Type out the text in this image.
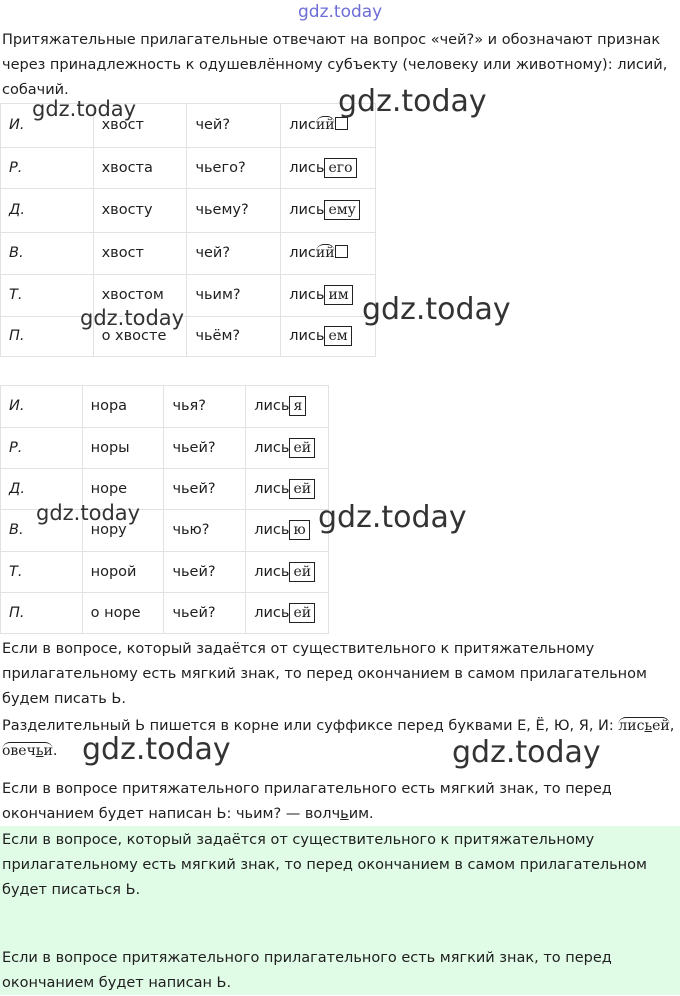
gdz.today

Притяжательные прилагательные отвечают на вопрос «чей?» и обозначают признак через принадлежность к одушевлённому субъекту (человеку или животному): лисий, собачий.

И.	хвост	чей?	лисий
Р.	хвоста	чьего?	лись его
Д.	хвосту	чьему?	лись ему
В.	хвост	чей?	лисий
Т.	хвостом	чьим?	лись им
П.	о хвосте	чьём?	лись ем
И.	нора	чья?	лись я
Р.	норы	чьей?	лись ей
Д.	норе	чьей?	лись ей
В.	нору	чью?	лись ю
Т.	норой	чьей?	лись ей
П.	о норе	чьей?	лись ей

Если в вопросе, который задаётся от существительного к притяжательному прилагательному есть мягкий знак, то перед окончанием в самом прилагательном будем писать Ь.

Разделительный Ь пишется в корне или суффиксе перед буквами Е, Ё, Ю, Я, И: лисьей, овечьи.

Если в вопросе притяжательного прилагательного есть мягкий знак, то перед окончанием будет написан Ь: чьим? — волчьим.

Если в вопросе, который задаётся от существительного к притяжательному прилагательному есть мягкий знак, то перед окончанием в самом прилагательном будет писаться Ь.

Если в вопросе притяжательного прилагательного есть мягкий знак, то перед окончанием будет написан Ь.

gdz.today	gdz.today
gdz.today	gdz.today
gdz.today	gdz.today
gdz.today	gdz.today
